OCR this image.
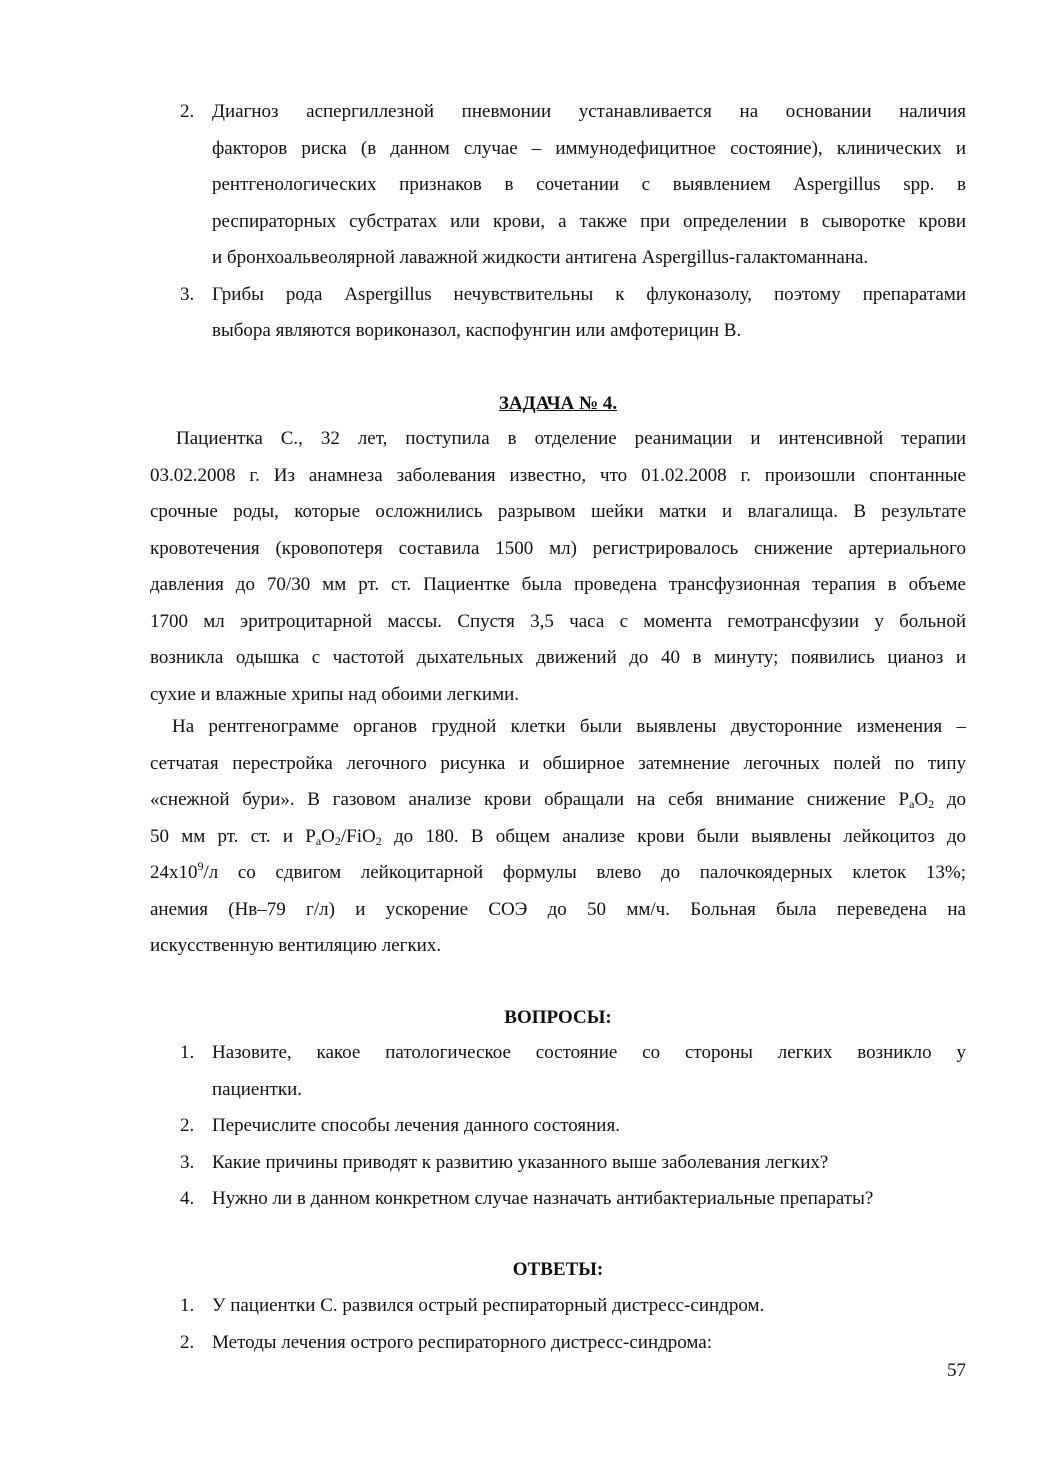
2. Диагноз аспергиллезной пневмонии устанавливается на основании наличия
факторов риска (в данном случае – иммунодефицитное состояние), клинических и
рентгенологических признаков в сочетании с выявлением Aspergillus spp. в
респираторных субстратах или крови, а также при определении в сыворотке крови
и бронхоальвеолярной лаважной жидкости антигена Aspergillus-галактоманнана.
3. Грибы рода Aspergillus нечувствительны к флуконазолу, поэтому препаратами
выбора являются вориконазол, каспофунгин или амфотерицин В.
ЗАДАЧА № 4.
Пациентка С., 32 лет, поступила в отделение реанимации и интенсивной терапии
03.02.2008 г. Из анамнеза заболевания известно, что 01.02.2008 г. произошли спонтанные
срочные роды, которые осложнились разрывом шейки матки и влагалища. В результате
кровотечения (кровопотеря составила 1500 мл) регистрировалось снижение артериального
давления до 70/30 мм рт. ст. Пациентке была проведена трансфузионная терапия в объеме
1700 мл эритроцитарной массы. Спустя 3,5 часа с момента гемотрансфузии у больной
возникла одышка с частотой дыхательных движений до 40 в минуту; появились цианоз и
сухие и влажные хрипы над обоими легкими.
На рентгенограмме органов грудной клетки были выявлены двусторонние изменения –
сетчатая перестройка легочного рисунка и обширное затемнение легочных полей по типу
«снежной бури». В газовом анализе крови обращали на себя внимание снижение $P_aO_2$ до
50 мм рт. ст. и $P_aO_2/FiO_2$ до 180. В общем анализе крови были выявлены лейкоцитоз до
$24x10^9/л$ со сдвигом лейкоцитарной формулы влево до палочкоядерных клеток 13%;
анемия (Нв–79 г/л) и ускорение СОЭ до 50 мм/ч. Больная была переведена на
искусственную вентиляцию легких.
ВОПРОСЫ:
1. Назовите, какое патологическое состояние со стороны легких возникло у
пациентки.
2. Перечислите способы лечения данного состояния.
3. Какие причины приводят к развитию указанного выше заболевания легких?
4. Нужно ли в данном конкретном случае назначать антибактериальные препараты?
ОТВЕТЫ:
1. У пациентки С. развился острый респираторный дистресс-синдром.
2. Методы лечения острого респираторного дистресс-синдрома:
57
